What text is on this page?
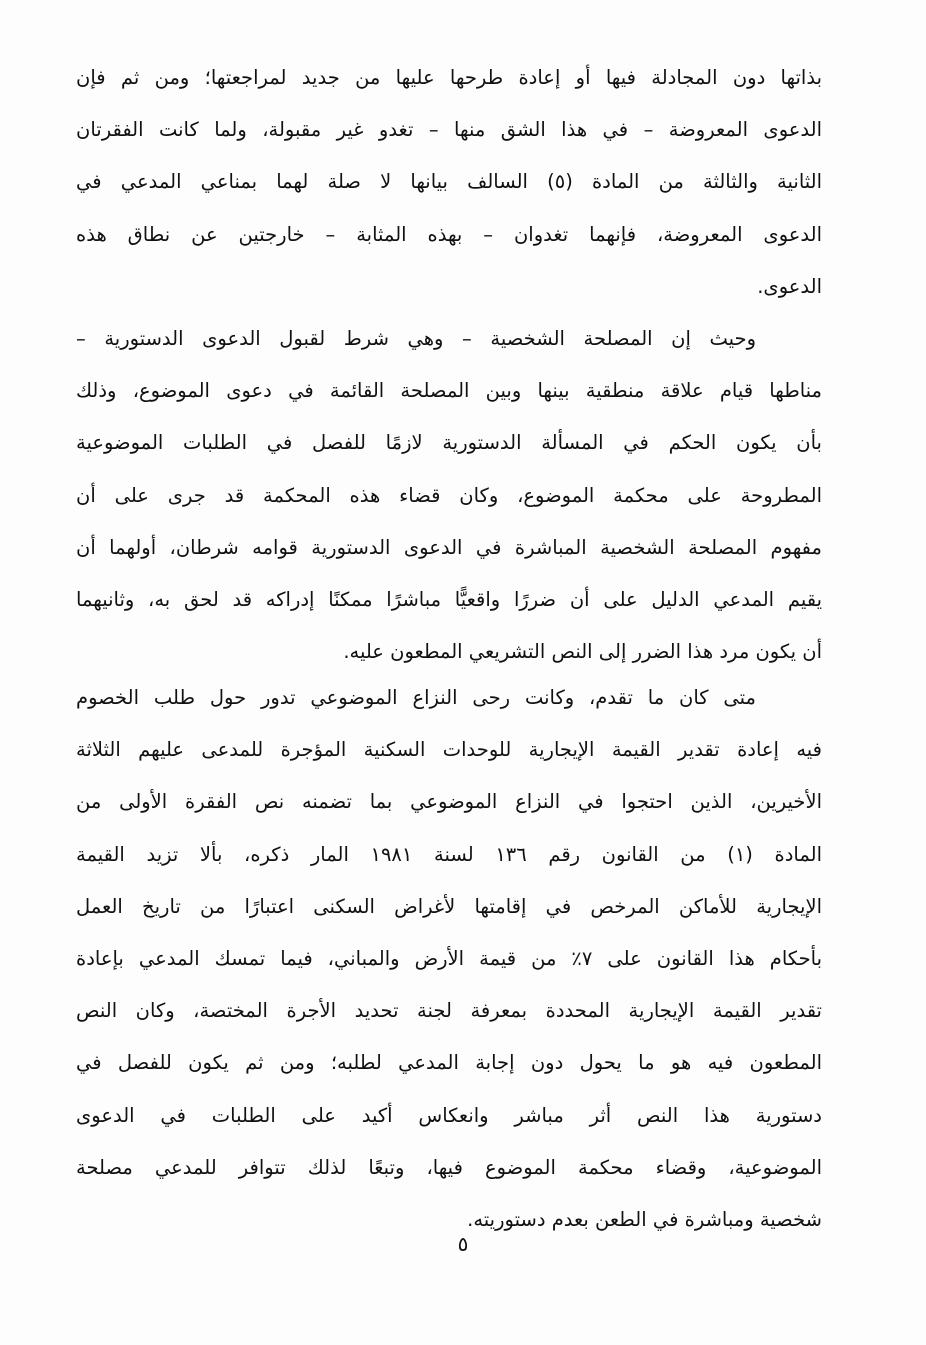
بذاتها دون المجادلة فيها أو إعادة طرحها عليها من جديد لمراجعتها؛ ومن ثم فإن
الدعوى المعروضة – في هذا الشق منها – تغدو غير مقبولة، ولما كانت الفقرتان
الثانية والثالثة من المادة (٥) السالف بيانها لا صلة لهما بمناعي المدعي في
الدعوى المعروضة، فإنهما تغدوان – بهذه المثابة – خارجتين عن نطاق هذه
الدعوى.
وحيث إن المصلحة الشخصية – وهي شرط لقبول الدعوى الدستورية –
مناطها قيام علاقة منطقية بينها وبين المصلحة القائمة في دعوى الموضوع، وذلك
بأن يكون الحكم في المسألة الدستورية لازمًا للفصل في الطلبات الموضوعية
المطروحة على محكمة الموضوع، وكان قضاء هذه المحكمة قد جرى على أن
مفهوم المصلحة الشخصية المباشرة في الدعوى الدستورية قوامه شرطان، أولهما أن
يقيم المدعي الدليل على أن ضررًا واقعيًّا مباشرًا ممكنًا إدراكه قد لحق به، وثانيهما
أن يكون مرد هذا الضرر إلى النص التشريعي المطعون عليه.
متى كان ما تقدم، وكانت رحى النزاع الموضوعي تدور حول طلب الخصوم
فيه إعادة تقدير القيمة الإيجارية للوحدات السكنية المؤجرة للمدعى عليهم الثلاثة
الأخيرين، الذين احتجوا في النزاع الموضوعي بما تضمنه نص الفقرة الأولى من
المادة (١) من القانون رقم ١٣٦ لسنة ١٩٨١ المار ذكره، بألا تزيد القيمة
الإيجارية للأماكن المرخص في إقامتها لأغراض السكنى اعتبارًا من تاريخ العمل
بأحكام هذا القانون على ٧٪ من قيمة الأرض والمباني، فيما تمسك المدعي بإعادة
تقدير القيمة الإيجارية المحددة بمعرفة لجنة تحديد الأجرة المختصة، وكان النص
المطعون فيه هو ما يحول دون إجابة المدعي لطلبه؛ ومن ثم يكون للفصل في
دستورية هذا النص أثر مباشر وانعكاس أكيد على الطلبات في الدعوى
الموضوعية، وقضاء محكمة الموضوع فيها، وتبعًا لذلك تتوافر للمدعي مصلحة
شخصية ومباشرة في الطعن بعدم دستوريته.
٥
